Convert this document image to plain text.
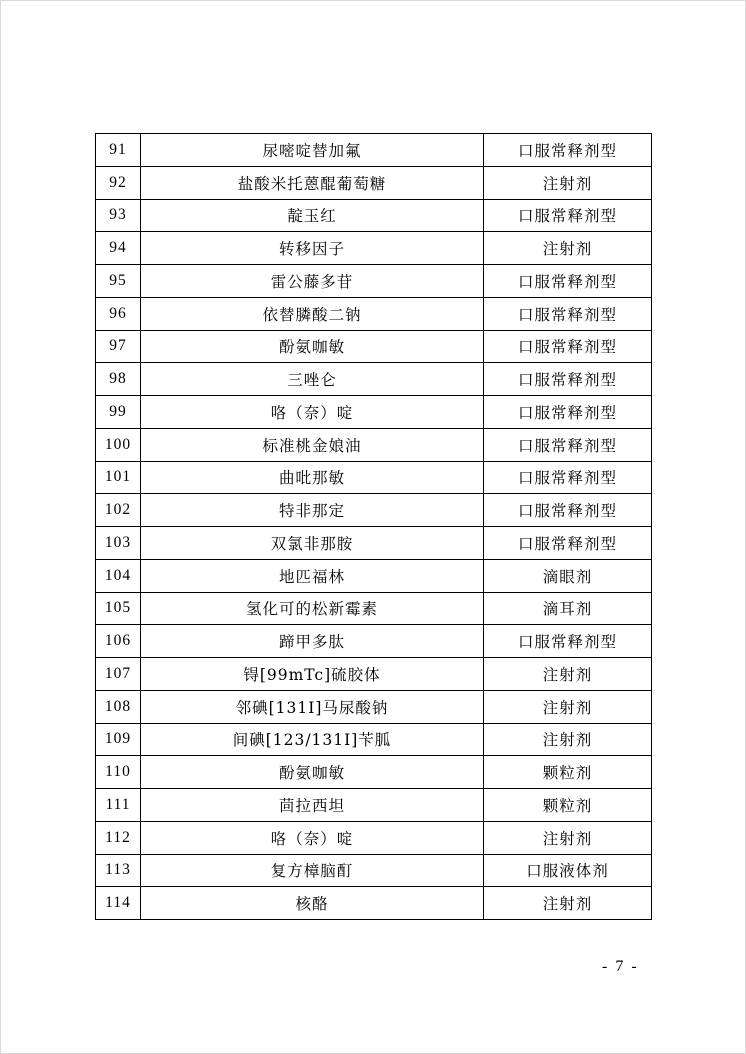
91	尿嘧啶替加氟	口服常释剂型
92	盐酸米托蒽醌葡萄糖	注射剂
93	靛玉红	口服常释剂型
94	转移因子	注射剂
95	雷公藤多苷	口服常释剂型
96	依替膦酸二钠	口服常释剂型
97	酚氨咖敏	口服常释剂型
98	三唑仑	口服常释剂型
99	咯（奈）啶	口服常释剂型
100	标准桃金娘油	口服常释剂型
101	曲吡那敏	口服常释剂型
102	特非那定	口服常释剂型
103	双氯非那胺	口服常释剂型
104	地匹福林	滴眼剂
105	氢化可的松新霉素	滴耳剂
106	蹄甲多肽	口服常释剂型
107	锝[99mTc]硫胶体	注射剂
108	邻碘[131I]马尿酸钠	注射剂
109	间碘[123/131I]苄胍	注射剂
110	酚氨咖敏	颗粒剂
111	茴拉西坦	颗粒剂
112	咯（奈）啶	注射剂
113	复方樟脑酊	口服液体剂
114	核酪	注射剂
- 7 -
